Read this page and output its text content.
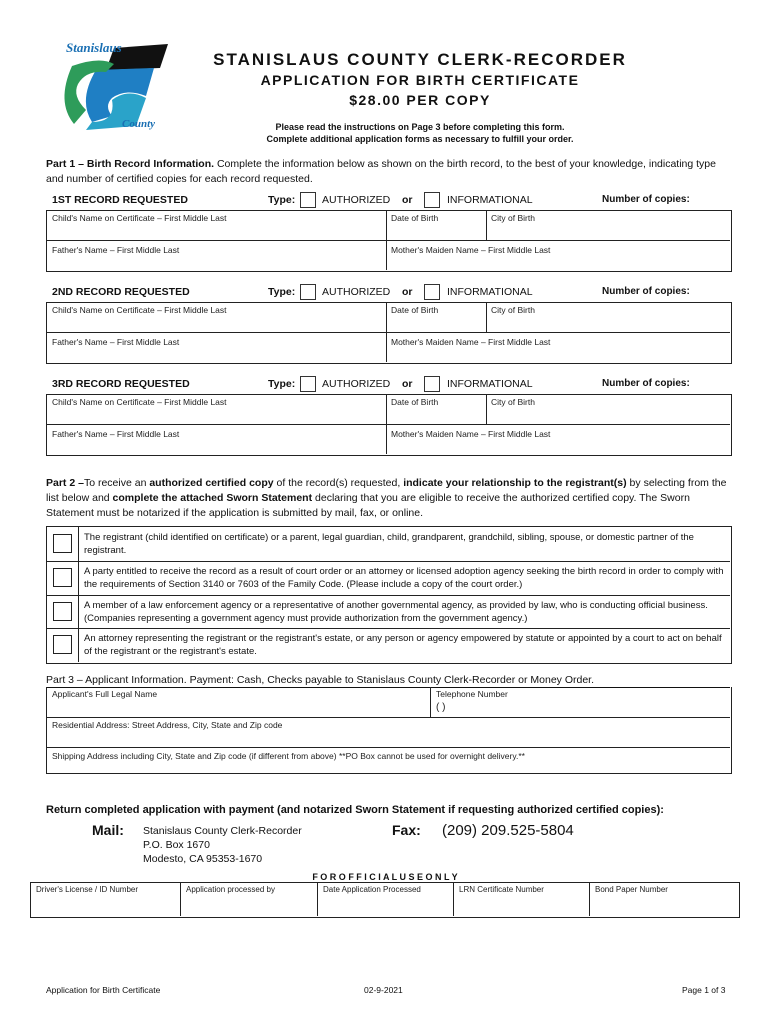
Stanislaus
County
STANISLAUS COUNTY CLERK-RECORDER
APPLICATION FOR BIRTH CERTIFICATE
$28.00 PER COPY
Please read the instructions on Page 3 before completing this form.
Complete additional application forms as necessary to fulfill your order.
Part 1 – Birth Record Information. Complete the information below as shown on the birth record, to the best of your knowledge, indicating type and number of certified copies for each record requested.
1ST RECORD REQUESTED	Type:	AUTHORIZED or	INFORMATIONAL	Number of copies:
Child's Name on Certificate – First Middle Last	Date of Birth	City of Birth
Father's Name – First Middle Last	Mother's Maiden Name – First Middle Last
2ND RECORD REQUESTED	Type:	AUTHORIZED or	INFORMATIONAL	Number of copies:
Child's Name on Certificate – First Middle Last	Date of Birth	City of Birth
Father's Name – First Middle Last	Mother's Maiden Name – First Middle Last
3RD RECORD REQUESTED	Type:	AUTHORIZED or	INFORMATIONAL	Number of copies:
Child's Name on Certificate – First Middle Last	Date of Birth	City of Birth
Father's Name – First Middle Last	Mother's Maiden Name – First Middle Last
Part 2 –To receive an authorized certified copy of the record(s) requested, indicate your relationship to the registrant(s) by selecting from the list below and complete the attached Sworn Statement declaring that you are eligible to receive the authorized certified copy. The Sworn Statement must be notarized if the application is submitted by mail, fax, or online.
The registrant (child identified on certificate) or a parent, legal guardian, child, grandparent, grandchild, sibling, spouse, or domestic partner of the registrant.
A party entitled to receive the record as a result of court order or an attorney or licensed adoption agency seeking the birth record in order to comply with the requirements of Section 3140 or 7603 of the Family Code. (Please include a copy of the court order.)
A member of a law enforcement agency or a representative of another governmental agency, as provided by law, who is conducting official business. (Companies representing a government agency must provide authorization from the government agency.)
An attorney representing the registrant or the registrant's estate, or any person or agency empowered by statute or appointed by a court to act on behalf of the registrant or the registrant's estate.
Part 3 – Applicant Information. Payment: Cash, Checks payable to Stanislaus County Clerk-Recorder or Money Order.
Applicant's Full Legal Name	Telephone Number
( )
Residential Address: Street Address, City, State and Zip code
Shipping Address including City, State and Zip code (if different from above) **PO Box cannot be used for overnight delivery.**
Return completed application with payment (and notarized Sworn Statement if requesting authorized certified copies):
Mail: Stanislaus County Clerk-Recorder
P.O. Box 1670
Modesto, CA 95353-1670
Fax: (209) 209.525-5804
F O R O F F I C I A L U S E O N L Y
Driver's License / ID Number	Application processed by	Date Application Processed	LRN Certificate Number	Bond Paper Number
Application for Birth Certificate	02-9-2021	Page 1 of 3
